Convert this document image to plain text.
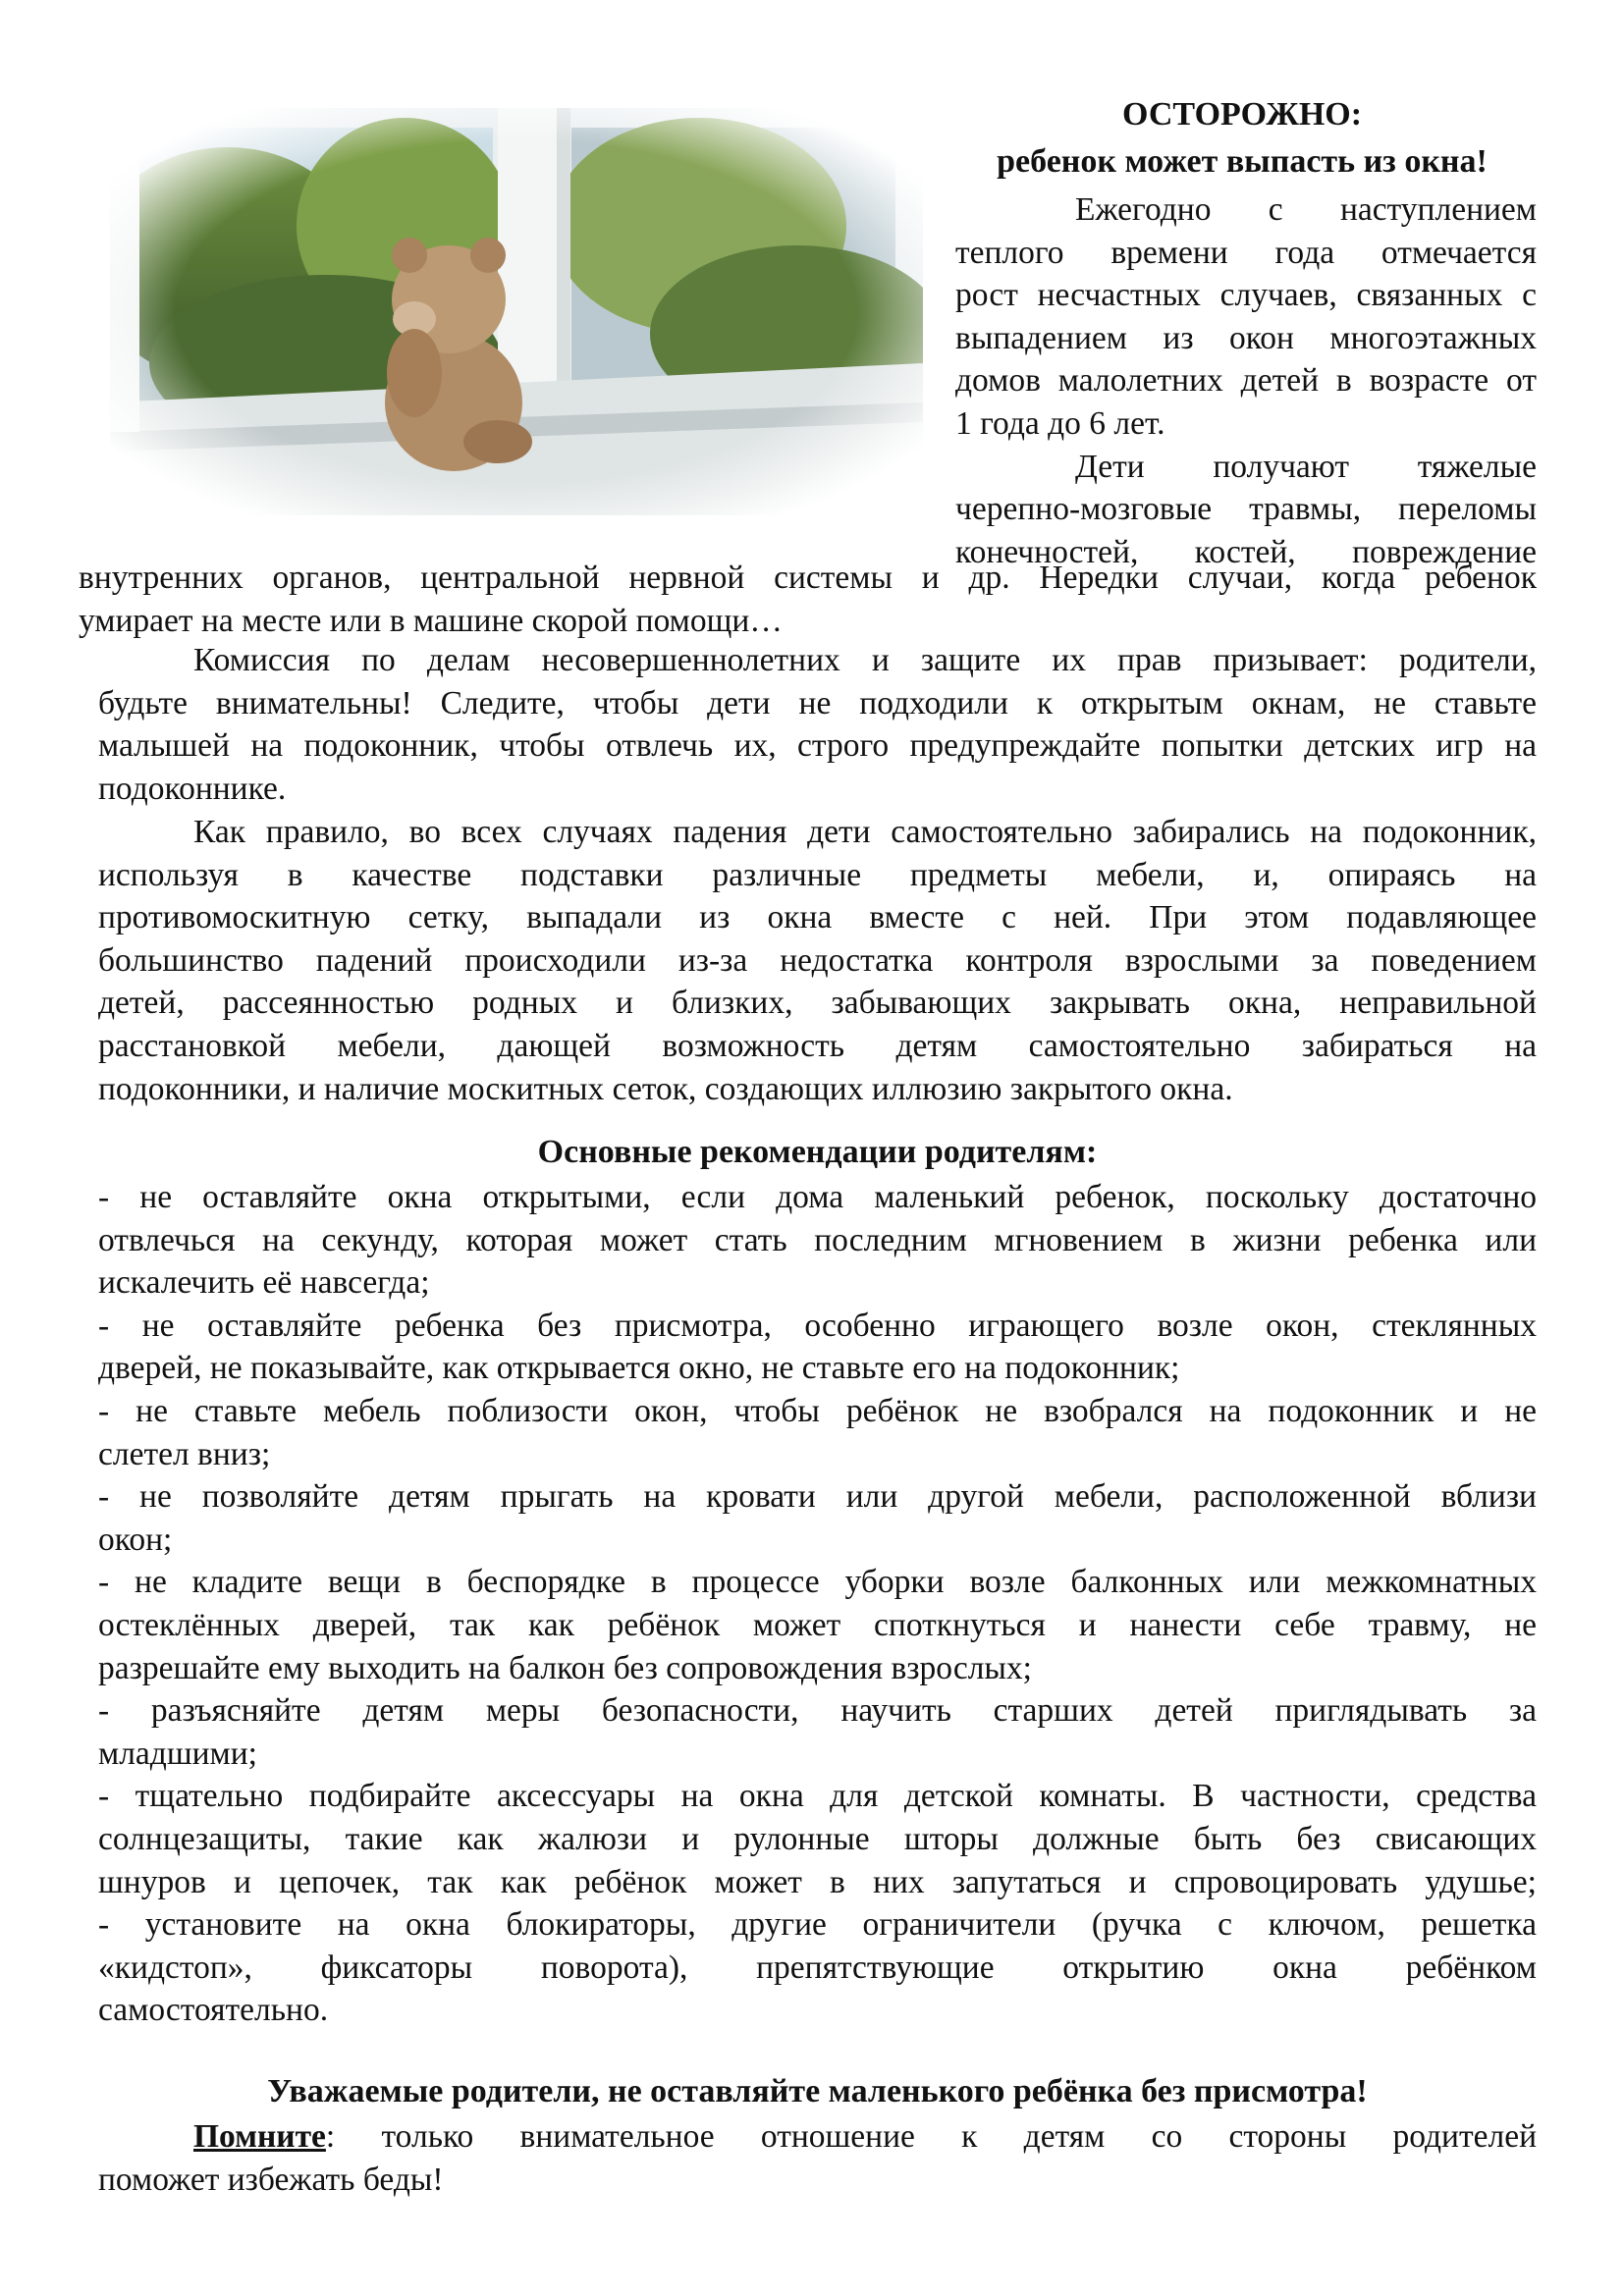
ОСТОРОЖНО:
ребенок может выпасть из окна!

Ежегодно с наступлением

теплого времени года отмечается

рост несчастных случаев, связанных с

выпадением из окон многоэтажных

домов малолетних детей в возрасте от

1 года до 6 лет.

Дети получают тяжелые

черепно-мозговые травмы, переломы

конечностей, костей, повреждение

внутренних органов, центральной нервной системы и др. Нередки случаи, когда ребенок

умирает на месте или в машине скорой помощи…

Комиссия по делам несовершеннолетних и защите их прав призывает: родители,

будьте внимательны! Следите, чтобы дети не подходили к открытым окнам, не ставьте

малышей на подоконник, чтобы отвлечь их, строго предупреждайте попытки детских игр на

подоконнике.

Как правило, во всех случаях падения дети самостоятельно забирались на подоконник,

используя в качестве подставки различные предметы мебели, и, опираясь на

противомоскитную сетку, выпадали из окна вместе с ней. При этом подавляющее

большинство падений происходили из-за недостатка контроля взрослыми за поведением

детей, рассеянностью родных и близких, забывающих закрывать окна, неправильной

расстановкой мебели, дающей возможность детям самостоятельно забираться на

подоконники, и наличие москитных сеток, создающих иллюзию закрытого окна.

Основные рекомендации родителям:

- не оставляйте окна открытыми, если дома маленький ребенок, поскольку достаточно

отвлечься на секунду, которая может стать последним мгновением в жизни ребенка или

искалечить её навсегда;

- не оставляйте ребенка без присмотра, особенно играющего возле окон, стеклянных

дверей, не показывайте, как открывается окно, не ставьте его на подоконник;

- не ставьте мебель поблизости окон, чтобы ребёнок не взобрался на подоконник и не

слетел вниз;

- не позволяйте детям прыгать на кровати или другой мебели, расположенной вблизи

окон;

- не кладите вещи в беспорядке в процессе уборки возле балконных или межкомнатных

остеклённых дверей, так как ребёнок может споткнуться и нанести себе травму, не

разрешайте ему выходить на балкон без сопровождения взрослых;

- разъясняйте детям меры безопасности, научить старших детей приглядывать за

младшими;

- тщательно подбирайте аксессуары на окна для детской комнаты. В частности, средства

солнцезащиты, такие как жалюзи и рулонные шторы должные быть без свисающих

шнуров и цепочек, так как ребёнок может в них запутаться и спровоцировать удушье;

- установите на окна блокираторы, другие ограничители (ручка с ключом, решетка

«кидстоп», фиксаторы поворота), препятствующие открытию окна ребёнком

самостоятельно.

Уважаемые родители, не оставляйте маленького ребёнка без присмотра!

Помните: только внимательное отношение к детям со стороны родителей

поможет избежать беды!
